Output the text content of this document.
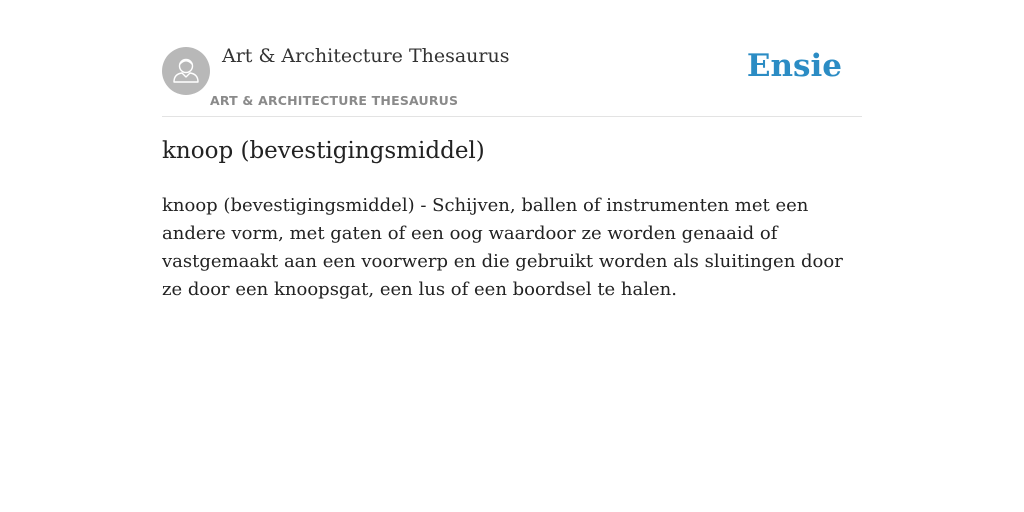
Art & Architecture Thesaurus
ART & ARCHITECTURE THESAURUS
Ensie
knoop (bevestigingsmiddel)

knoop (bevestigingsmiddel) - Schijven, ballen of instrumenten met een andere vorm, met gaten of een oog waardoor ze worden genaaid of vastgemaakt aan een voorwerp en die gebruikt worden als sluitingen door ze door een knoopsgat, een lus of een boordsel te halen.
